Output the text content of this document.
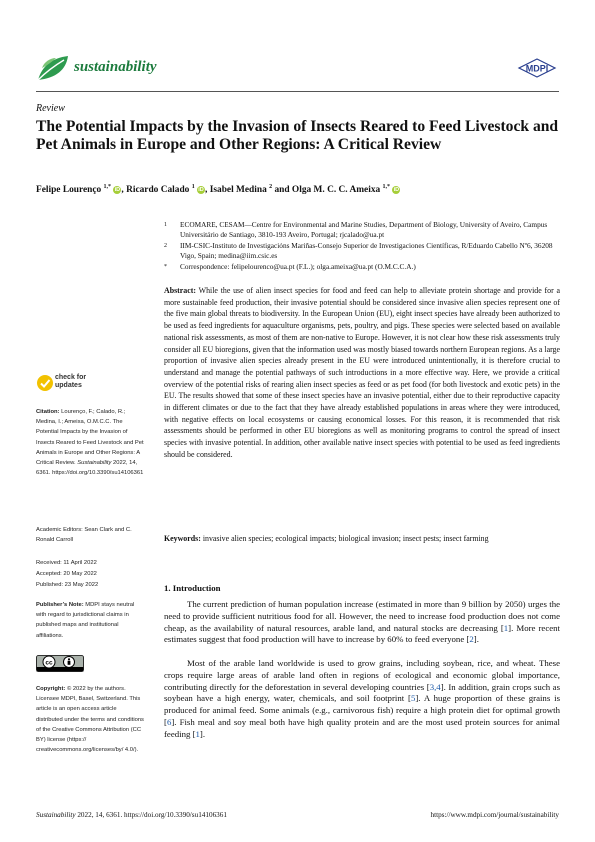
sustainability	MDPI
Review
The Potential Impacts by the Invasion of Insects Reared to Feed Livestock and Pet Animals in Europe and Other Regions: A Critical Review
Felipe Lourenço $^{1,*}$ iD, Ricardo Calado $^1$ iD, Isabel Medina $^2$ and Olga M. C. C. Ameixa $^{1,*}$ iD
1 ECOMARE, CESAM—Centre for Environmental and Marine Studies, Department of Biology, University of Aveiro, Campus Universitário de Santiago, 3810-193 Aveiro, Portugal; rjcalado@ua.pt
2 IIM-CSIC-Instituto de Investigaciόns Mariñas-Consejo Superior de Investigaciones Científicas, R/Eduardo Cabello Nº6, 36208 Vigo, Spain; medina@iim.csic.es
* Correspondence: felipelourenco@ua.pt (F.L.); olga.ameixa@ua.pt (O.M.C.C.A.)
Abstract: While the use of alien insect species for food and feed can help to alleviate protein shortage and provide for a more sustainable feed production, their invasive potential should be considered since invasive alien species represent one of the five main global threats to biodiversity. In the European Union (EU), eight insect species have already been authorized to be used as feed ingredients for aquaculture organisms, pets, poultry, and pigs. These species were selected based on available national risk assessments, as most of them are non-native to Europe. However, it is not clear how these risk assessments truly consider all EU bioregions, given that the information used was mostly biased towards northern European regions. As a large proportion of invasive alien species already present in the EU were introduced unintentionally, it is therefore crucial to understand and manage the potential pathways of such introductions in a more effective way. Here, we provide a critical overview of the potential risks of rearing alien insect species as feed or as pet food (for both livestock and exotic pets) in the EU. The results showed that some of these insect species have an invasive potential, either due to their reproductive capacity in different climates or due to the fact that they have already established populations in areas where they were introduced, with negative effects on local ecosystems or causing economical losses. For this reason, it is recommended that risk assessments should be performed in other EU bioregions as well as monitoring programs to control the spread of insect species with invasive potential. In addition, other available native insect species with potential to be used as feed ingredients should be considered.
Keywords: invasive alien species; ecological impacts; biological invasion; insect pests; insect farming
1. Introduction
The current prediction of human population increase (estimated in more than 9 billion by 2050) urges the need to provide sufficient nutritious food for all. However, the need to increase food production does not come cheap, as the availability of natural resources, arable land, and natural stocks are decreasing [1]. More recent estimates suggest that food production will have to increase by 60% to feed everyone [2].
Most of the arable land worldwide is used to grow grains, including soybean, rice, and wheat. These crops require large areas of arable land often in regions of ecological and economic global importance, contributing directly for the deforestation in several developing countries [3,4]. In addition, grain crops such as soybean have a high energy, water, chemicals, and soil footprint [5]. A huge proportion of these grains is produced for animal feed. Some animals (e.g., carnivorous fish) require a high protein diet for optimal growth [6]. Fish meal and soy meal both have high quality protein and are the most used protein sources for animal feeding [1].
check for
updates
Citation: Lourenço, F.; Calado, R.; Medina, I.; Ameixa, O.M.C.C. The Potential Impacts by the Invasion of Insects Reared to Feed Livestock and Pet Animals in Europe and Other Regions: A Critical Review. Sustainability 2022, 14, 6361. https://doi.org/10.3390/su14106361
Academic Editors: Sean Clark and C. Ronald Carroll
Received: 11 April 2022
Accepted: 20 May 2022
Published: 23 May 2022
Publisher’s Note: MDPI stays neutral with regard to jurisdictional claims in published maps and institutional affiliations.
cc
Copyright: © 2022 by the authors. Licensee MDPI, Basel, Switzerland. This article is an open access article distributed under the terms and conditions of the Creative Commons Attribution (CC BY) license (https:// creativecommons.org/licenses/by/ 4.0/).
Sustainability 2022, 14, 6361. https://doi.org/10.3390/su14106361	https://www.mdpi.com/journal/sustainability
